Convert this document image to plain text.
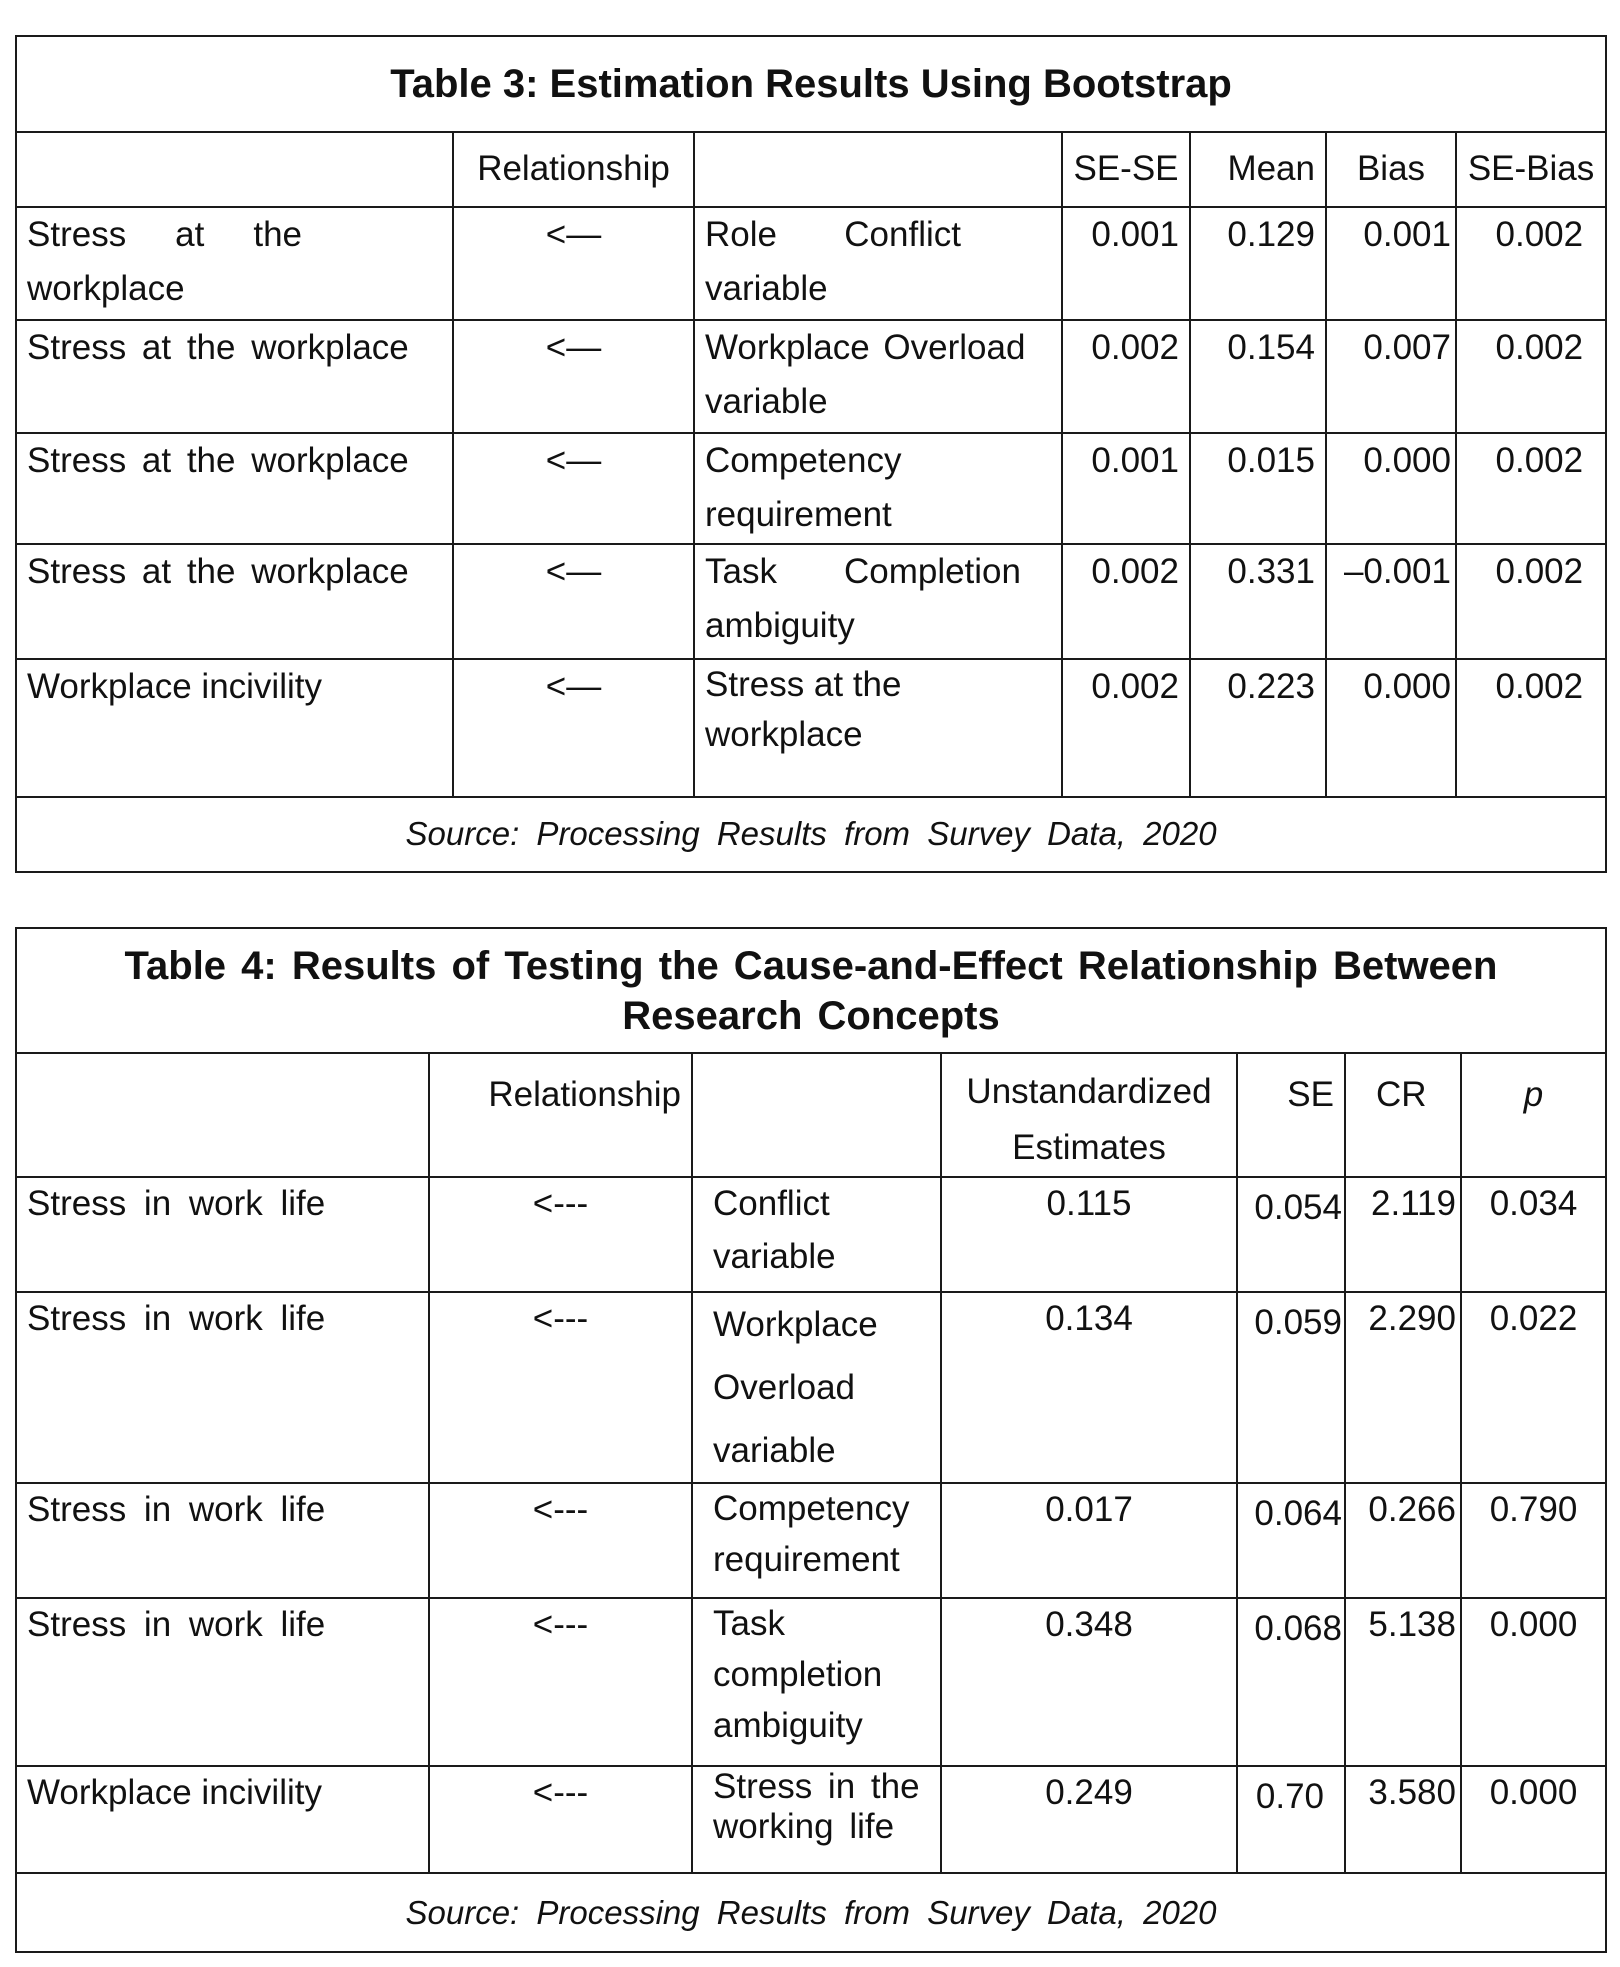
Table 3: Estimation Results Using Bootstrap						
	Relationship		SE-SE	Mean	Bias	SE-Bias
Stress at the workplace	<—	Role Conflict variable	0.001	0.129	0.001	0.002
Stress at the workplace	<—	Workplace Overload variable	0.002	0.154	0.007	0.002
Stress at the workplace	<—	Competency requirement	0.001	0.015	0.000	0.002
Stress at the workplace	<—	Task Completion ambiguity	0.002	0.331	–0.001	0.002
Workplace incivility	<—	Stress at the workplace	0.002	0.223	0.000	0.002
Source: Processing Results from Survey Data, 2020						
Table 4: Results of Testing the Cause-and-Effect Relationship Between Research Concepts						
	Relationship		Unstandardized Estimates	SE	CR	p
Stress in work life	<---	Conflict variable	0.115	0.054	2.119	0.034
Stress in work life	<---	Workplace Overload variable	0.134	0.059	2.290	0.022
Stress in work life	<---	Competency requirement	0.017	0.064	0.266	0.790
Stress in work life	<---	Task completion ambiguity	0.348	0.068	5.138	0.000
Workplace incivility	<---	Stress in the working life	0.249	0.70	3.580	0.000
Source: Processing Results from Survey Data, 2020						
